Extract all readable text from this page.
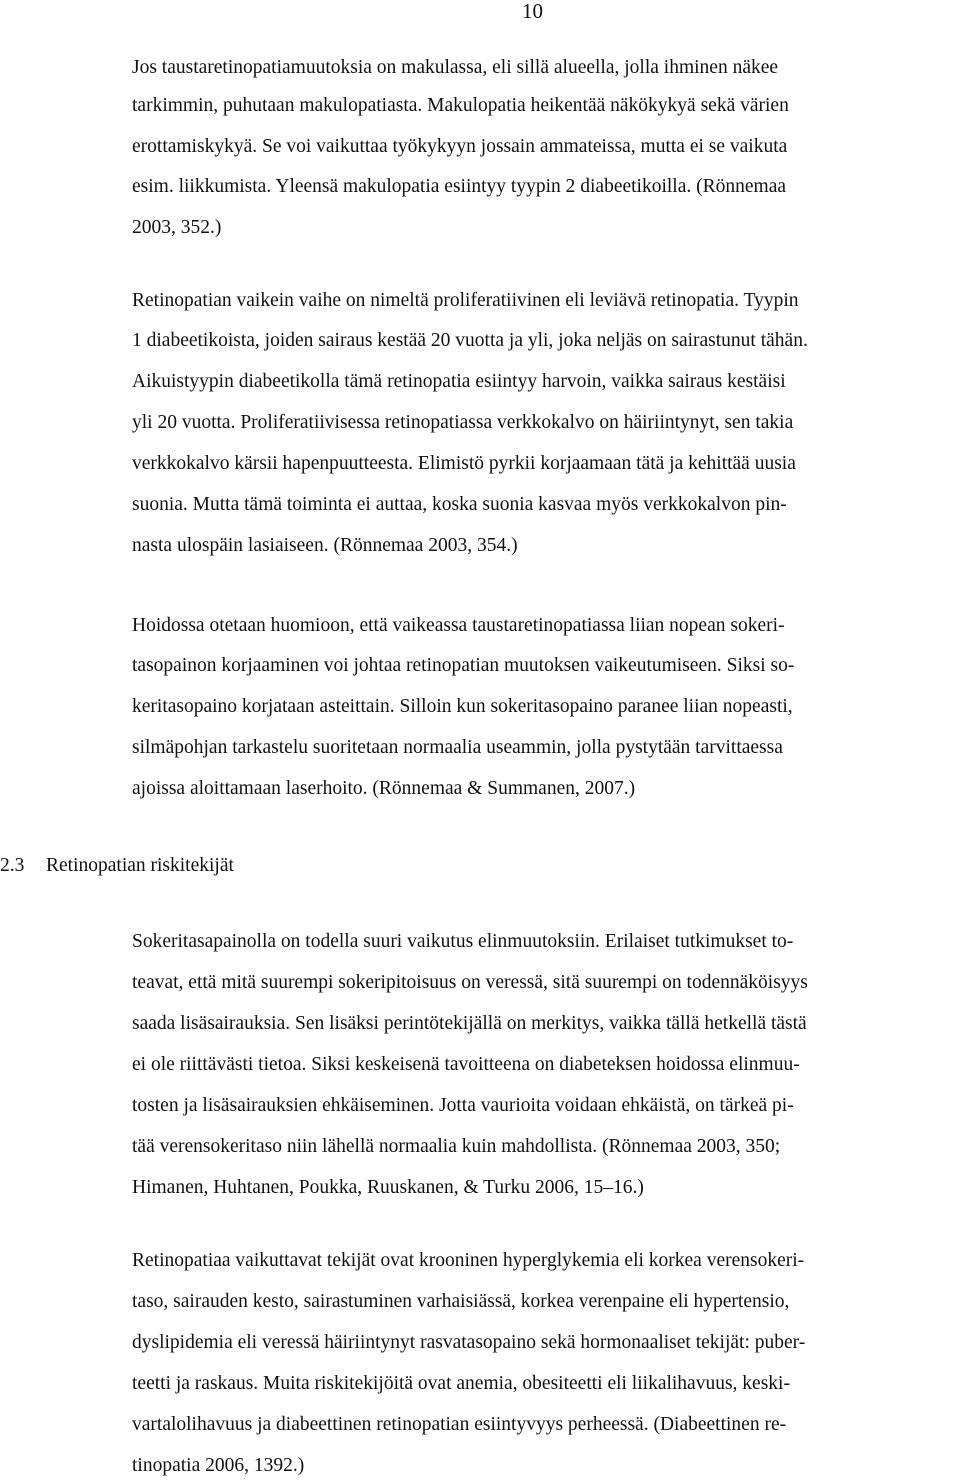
10
Jos taustaretinopatiamuutoksia on makulassa, eli sillä alueella, jolla ihminen näkee
tarkimmin, puhutaan makulopatiasta. Makulopatia heikentää näkökykyä sekä värien
erottamiskykyä. Se voi vaikuttaa työkykyyn jossain ammateissa, mutta ei se vaikuta
esim. liikkumista. Yleensä makulopatia esiintyy tyypin 2 diabeetikoilla. (Rönnemaa
2003, 352.)
Retinopatian vaikein vaihe on nimeltä proliferatiivinen eli leviävä retinopatia. Tyypin
1 diabeetikoista, joiden sairaus kestää 20 vuotta ja yli, joka neljäs on sairastunut tähän.
Aikuistyypin diabeetikolla tämä retinopatia esiintyy harvoin, vaikka sairaus kestäisi
yli 20 vuotta. Proliferatiivisessa retinopatiassa verkkokalvo on häiriintynyt, sen takia
verkkokalvo kärsii hapenpuutteesta. Elimistö pyrkii korjaamaan tätä ja kehittää uusia
suonia. Mutta tämä toiminta ei auttaa, koska suonia kasvaa myös verkkokalvon pin-
nasta ulospäin lasiaiseen. (Rönnemaa 2003, 354.)
Hoidossa otetaan huomioon, että vaikeassa taustaretinopatiassa liian nopean sokeri-
tasopainon korjaaminen voi johtaa retinopatian muutoksen vaikeutumiseen. Siksi so-
keritasopaino korjataan asteittain. Silloin kun sokeritasopaino paranee liian nopeasti,
silmäpohjan tarkastelu suoritetaan normaalia useammin, jolla pystytään tarvittaessa
ajoissa aloittamaan laserhoito. (Rönnemaa & Summanen, 2007.)
2.3 Retinopatian riskitekijät
Sokeritasapainolla on todella suuri vaikutus elinmuutoksiin. Erilaiset tutkimukset to-
teavat, että mitä suurempi sokeripitoisuus on veressä, sitä suurempi on todennäköisyys
saada lisäsairauksia. Sen lisäksi perintötekijällä on merkitys, vaikka tällä hetkellä tästä
ei ole riittävästi tietoa. Siksi keskeisenä tavoitteena on diabeteksen hoidossa elinmuu-
tosten ja lisäsairauksien ehkäiseminen. Jotta vaurioita voidaan ehkäistä, on tärkeä pi-
tää verensokeritaso niin lähellä normaalia kuin mahdollista. (Rönnemaa 2003, 350;
Himanen, Huhtanen, Poukka, Ruuskanen, & Turku 2006, 15–16.)
Retinopatiaa vaikuttavat tekijät ovat krooninen hyperglykemia eli korkea verensokeri-
taso, sairauden kesto, sairastuminen varhaisiässä, korkea verenpaine eli hypertensio,
dyslipidemia eli veressä häiriintynyt rasvatasopaino sekä hormonaaliset tekijät: puber-
teetti ja raskaus. Muita riskitekijöitä ovat anemia, obesiteetti eli liikalihavuus, keski-
vartalolihavuus ja diabeettinen retinopatian esiintyvyys perheessä. (Diabeettinen re-
tinopatia 2006, 1392.)
